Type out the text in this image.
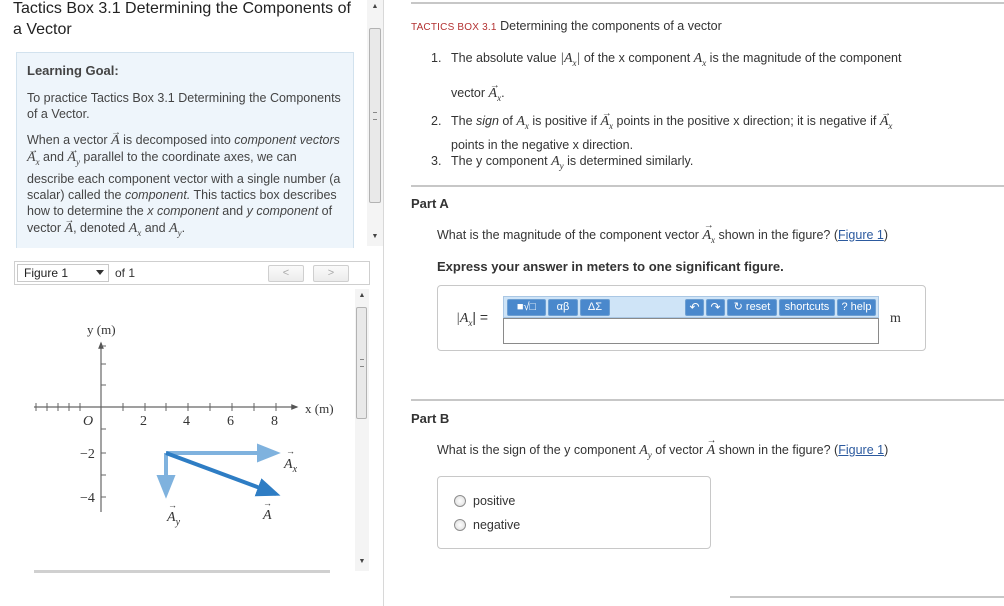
Tactics Box 3.1 Determining the Components of a Vector
▲
▼
Learning Goal:
To practice Tactics Box 3.1 Determining the Components of a Vector.
When a vector → A is decomposed into component vectors → $A_x$ and → $A_y$ parallel to the coordinate axes, we can describe each component vector with a single number (a scalar) called the component. This tactics box describes how to determine the x component and y component of vector → A, denoted $A_x$ and $A_y$.
Figure 1	of 1	<	>
y (m)
x (m)
O	2	4	6	8
−2
−4
$A_x$
→
$A_y$
→
A
→
▲
▼
TACTICS BOX 3.1 Determining the components of a vector
1. The absolute value $|A_x|$ of the x component $A_x$ is the magnitude of the component
vector → $A_x$.
2. The sign of $A_x$ is positive if → $A_x$ points in the positive x direction; it is negative if → $A_x$
points in the negative x direction.
3. The y component $A_y$ is determined similarly.
Part A
What is the magnitude of the component vector → $A_x$ shown in the figure? (Figure 1)
Express your answer in meters to one significant figure.
$|A_x|$ =
■√□	αβ	ΔΣ	↶ ↷	↻ reset	shortcuts	? help
m
Part B
What is the sign of the y component $A_y$ of vector → A shown in the figure? (Figure 1)
positive
negative
